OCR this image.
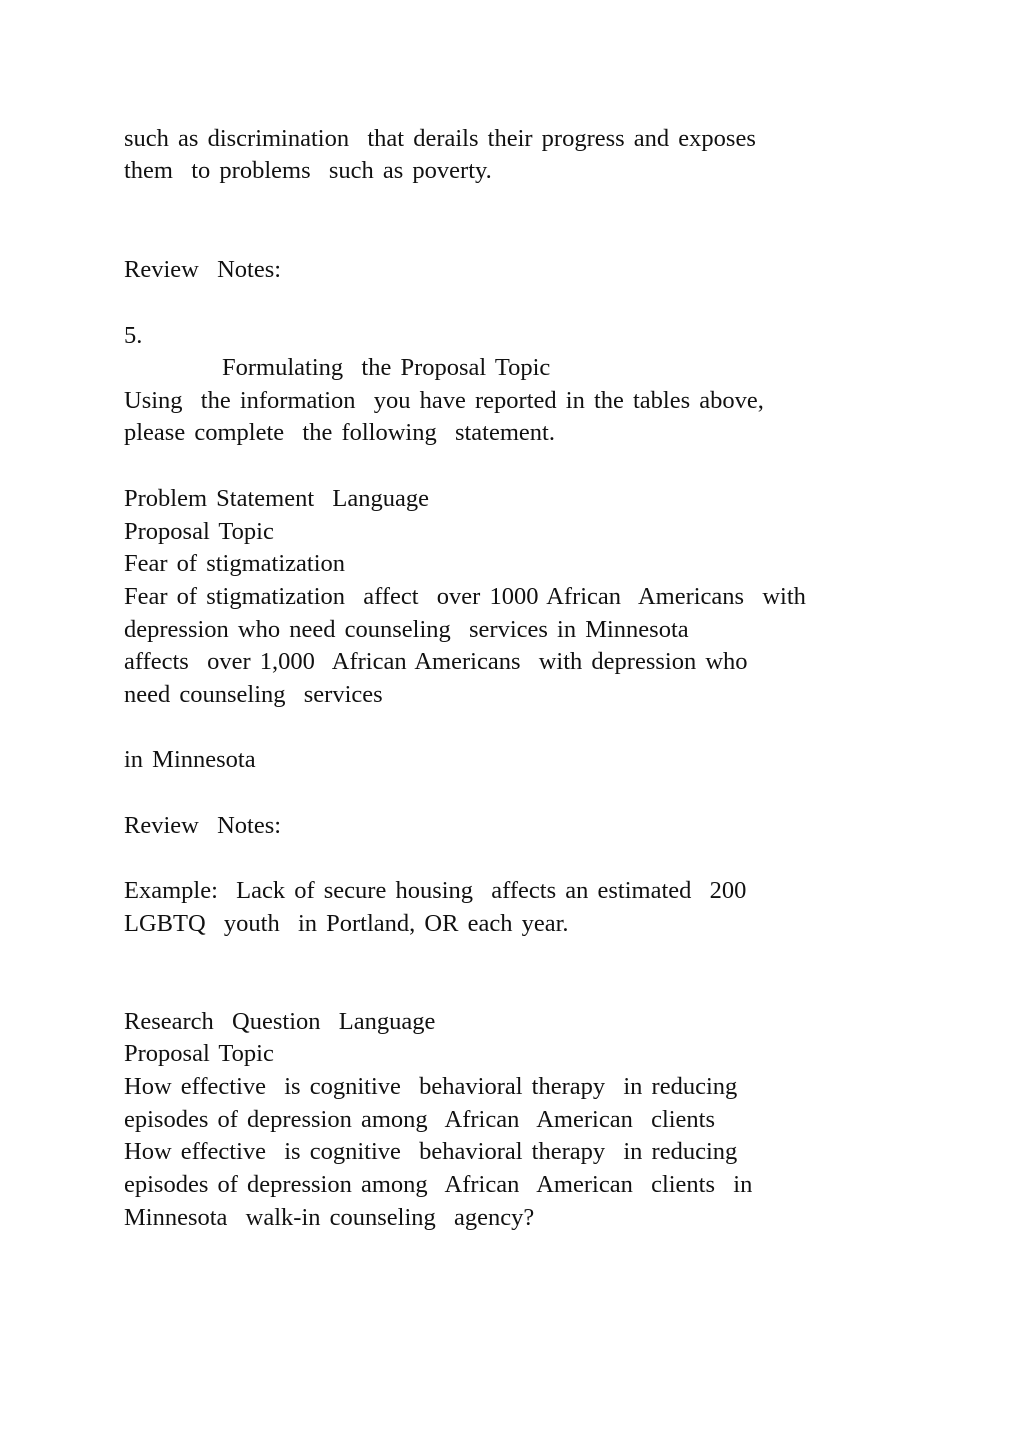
such as discrimination  that derails their progress and exposes
them  to problems  such as poverty.
Review  Notes:
5.
Formulating  the Proposal Topic
Using  the information  you have reported in the tables above,
please complete  the following  statement.
Problem Statement  Language
Proposal Topic
Fear of stigmatization
Fear of stigmatization  affect  over 1000 African  Americans  with
depression who need counseling  services in Minnesota
affects  over 1,000  African Americans  with depression who
need counseling  services
in Minnesota
Review  Notes:
Example:  Lack of secure housing  affects an estimated  200
LGBTQ  youth  in Portland, OR each year.
Research  Question  Language
Proposal Topic
How effective  is cognitive  behavioral therapy  in reducing
episodes of depression among  African  American  clients
How effective  is cognitive  behavioral therapy  in reducing
episodes of depression among  African  American  clients  in
Minnesota  walk-in counseling  agency?
